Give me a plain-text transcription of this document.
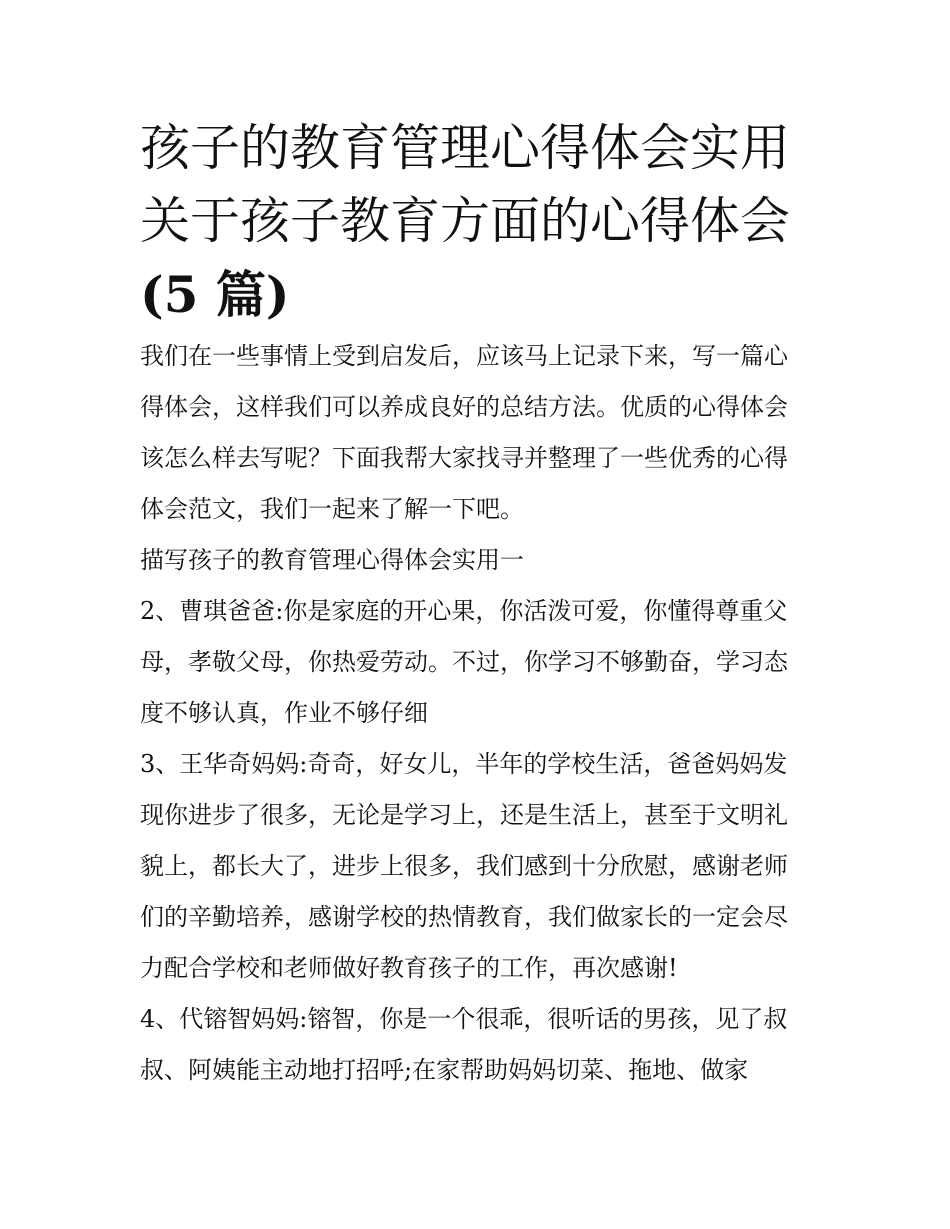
孩子的教育管理心得体会实用
关于孩子教育方面的心得体会
(5 篇)

我们在一些事情上受到启发后，应该马上记录下来，写一篇心
得体会，这样我们可以养成良好的总结方法。优质的心得体会
该怎么样去写呢？下面我帮大家找寻并整理了一些优秀的心得
体会范文，我们一起来了解一下吧。

描写孩子的教育管理心得体会实用一

2、曹琪爸爸:你是家庭的开心果，你活泼可爱，你懂得尊重父
母，孝敬父母，你热爱劳动。不过，你学习不够勤奋，学习态
度不够认真，作业不够仔细

3、王华奇妈妈:奇奇，好女儿，半年的学校生活，爸爸妈妈发
现你进步了很多，无论是学习上，还是生活上，甚至于文明礼
貌上，都长大了，进步上很多，我们感到十分欣慰，感谢老师
们的辛勤培养，感谢学校的热情教育，我们做家长的一定会尽
力配合学校和老师做好教育孩子的工作，再次感谢!

4、代镕智妈妈:镕智，你是一个很乖，很听话的男孩，见了叔
叔、阿姨能主动地打招呼;在家帮助妈妈切菜、拖地、做家
